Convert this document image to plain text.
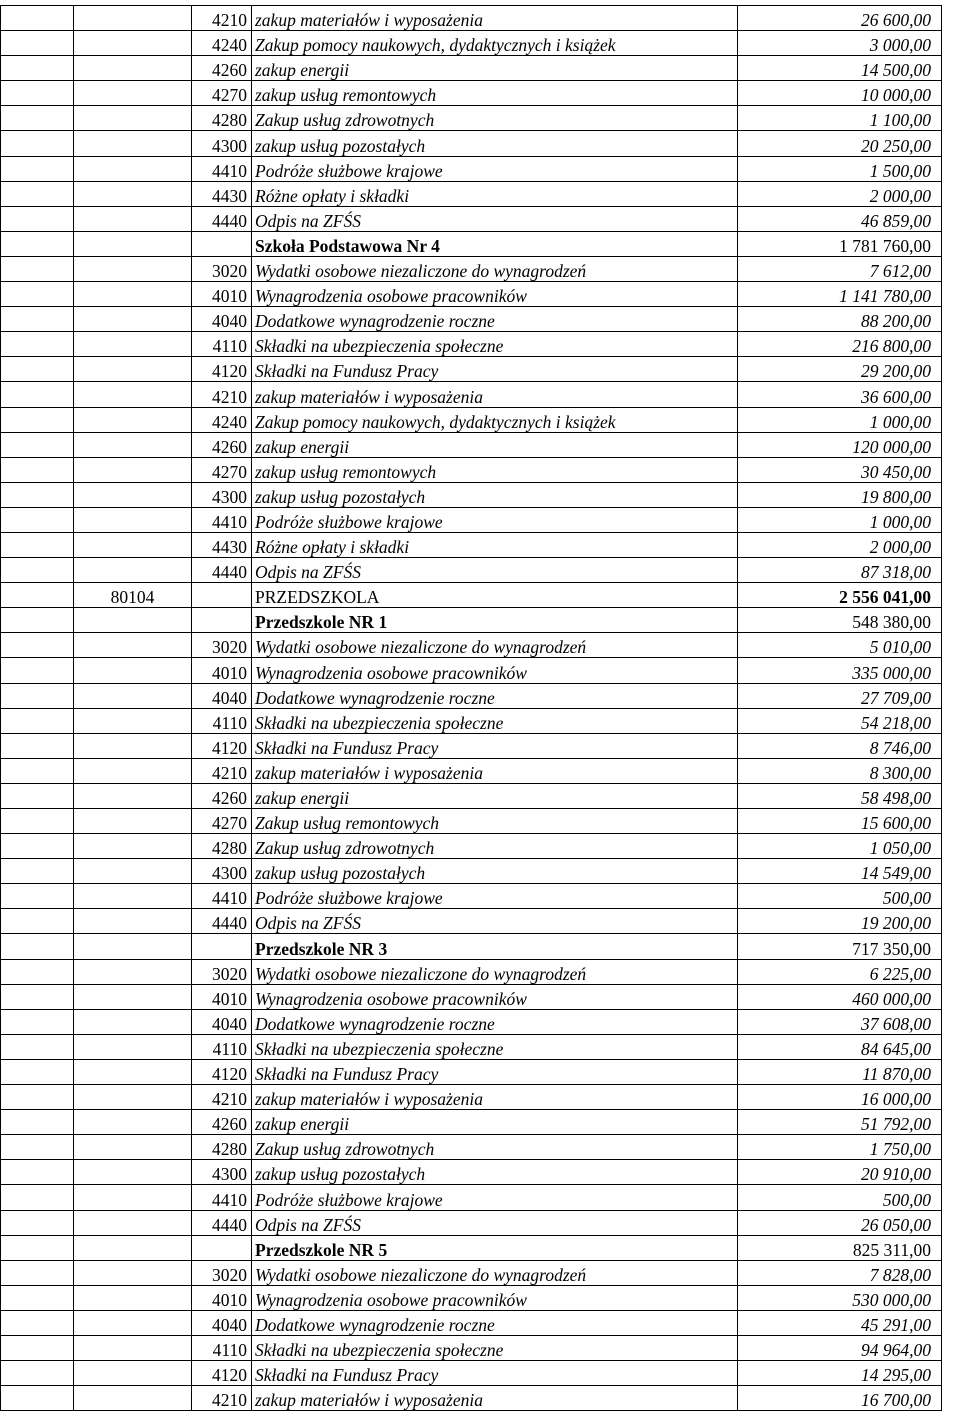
		4210	zakup materiałów i wyposażenia	26 600,00
		4240	Zakup pomocy naukowych, dydaktycznych i książek	3 000,00
		4260	zakup energii	14 500,00
		4270	zakup usług remontowych	10 000,00
		4280	Zakup usług zdrowotnych	1 100,00
		4300	zakup usług pozostałych	20 250,00
		4410	Podróże służbowe krajowe	1 500,00
		4430	Różne opłaty i składki	2 000,00
		4440	Odpis na ZFŚS	46 859,00
			Szkoła Podstawowa Nr 4	1 781 760,00
		3020	Wydatki osobowe niezaliczone do wynagrodzeń	7 612,00
		4010	Wynagrodzenia osobowe pracowników	1 141 780,00
		4040	Dodatkowe wynagrodzenie roczne	88 200,00
		4110	Składki na ubezpieczenia społeczne	216 800,00
		4120	Składki na Fundusz Pracy	29 200,00
		4210	zakup materiałów i wyposażenia	36 600,00
		4240	Zakup pomocy naukowych, dydaktycznych i książek	1 000,00
		4260	zakup energii	120 000,00
		4270	zakup usług remontowych	30 450,00
		4300	zakup usług pozostałych	19 800,00
		4410	Podróże służbowe krajowe	1 000,00
		4430	Różne opłaty i składki	2 000,00
		4440	Odpis na ZFŚS	87 318,00
	80104		PRZEDSZKOLA	2 556 041,00
			Przedszkole NR 1	548 380,00
		3020	Wydatki osobowe niezaliczone do wynagrodzeń	5 010,00
		4010	Wynagrodzenia osobowe pracowników	335 000,00
		4040	Dodatkowe wynagrodzenie roczne	27 709,00
		4110	Składki na ubezpieczenia społeczne	54 218,00
		4120	Składki na Fundusz Pracy	8 746,00
		4210	zakup materiałów i wyposażenia	8 300,00
		4260	zakup energii	58 498,00
		4270	Zakup usług remontowych	15 600,00
		4280	Zakup usług zdrowotnych	1 050,00
		4300	zakup usług pozostałych	14 549,00
		4410	Podróże służbowe krajowe	500,00
		4440	Odpis na ZFŚS	19 200,00
			Przedszkole NR 3	717 350,00
		3020	Wydatki osobowe niezaliczone do wynagrodzeń	6 225,00
		4010	Wynagrodzenia osobowe pracowników	460 000,00
		4040	Dodatkowe wynagrodzenie roczne	37 608,00
		4110	Składki na ubezpieczenia społeczne	84 645,00
		4120	Składki na Fundusz Pracy	11 870,00
		4210	zakup materiałów i wyposażenia	16 000,00
		4260	zakup energii	51 792,00
		4280	Zakup usług zdrowotnych	1 750,00
		4300	zakup usług pozostałych	20 910,00
		4410	Podróże służbowe krajowe	500,00
		4440	Odpis na ZFŚS	26 050,00
			Przedszkole NR 5	825 311,00
		3020	Wydatki osobowe niezaliczone do wynagrodzeń	7 828,00
		4010	Wynagrodzenia osobowe pracowników	530 000,00
		4040	Dodatkowe wynagrodzenie roczne	45 291,00
		4110	Składki na ubezpieczenia społeczne	94 964,00
		4120	Składki na Fundusz Pracy	14 295,00
		4210	zakup materiałów i wyposażenia	16 700,00
